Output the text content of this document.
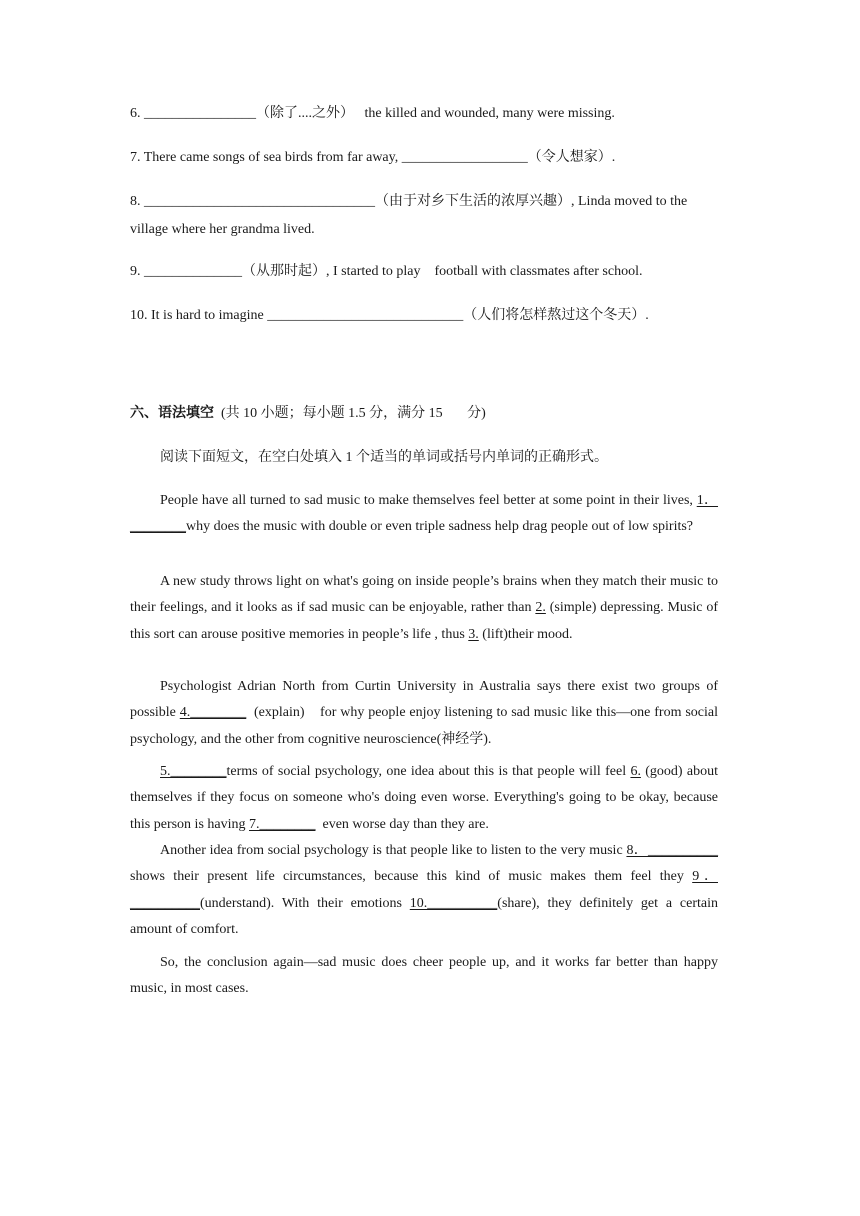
6. ________________（除了....之外）   the killed and wounded, many were missing.
7. There came songs of sea birds from far away, __________________（令人想家）.
8. _________________________________（由于对乡下生活的浓厚兴趣）, Linda moved to the
village where her grandma lived.
9. ______________（从那时起）, I started to play    football with classmates after school.
10. It is hard to imagine ____________________________（人们将怎样熬过这个冬天）.
六、语法填空  (共 10 小题；每小题 1.5 分，满分 15       分)
阅读下面短文，在空白处填入 1 个适当的单词或括号内单词的正确形式。
People have all turned to sad music to make themselves feel better at some point in their lives, 1．________why does the music with double or even triple sadness help drag people out of low spirits?
A new study throws light on what's going on inside people’s brains when they match their music to their feelings, and it looks as if sad music can be enjoyable, rather than 2. (simple) depressing. Music of this sort can arouse positive memories in people’s life , thus 3. (lift)their mood.
Psychologist Adrian North from Curtin University in Australia says there exist two groups of possible 4.________  (explain)    for why people enjoy listening to sad music like this—one from social psychology, and the other from cognitive neuroscience(神经学).
5.________terms of social psychology, one idea about this is that people will feel 6. (good) about themselves if they focus on someone who's doing even worse. Everything's going to be okay, because this person is having 7.________  even worse day than they are.
Another idea from social psychology is that people like to listen to the very music 8．__________  shows their present life circumstances, because this kind of music makes them feel they 9．__________(understand). With their emotions 10.__________(share), they definitely get a certain amount of comfort.
So, the conclusion again—sad music does cheer people up, and it works far better than happy music, in most cases.
